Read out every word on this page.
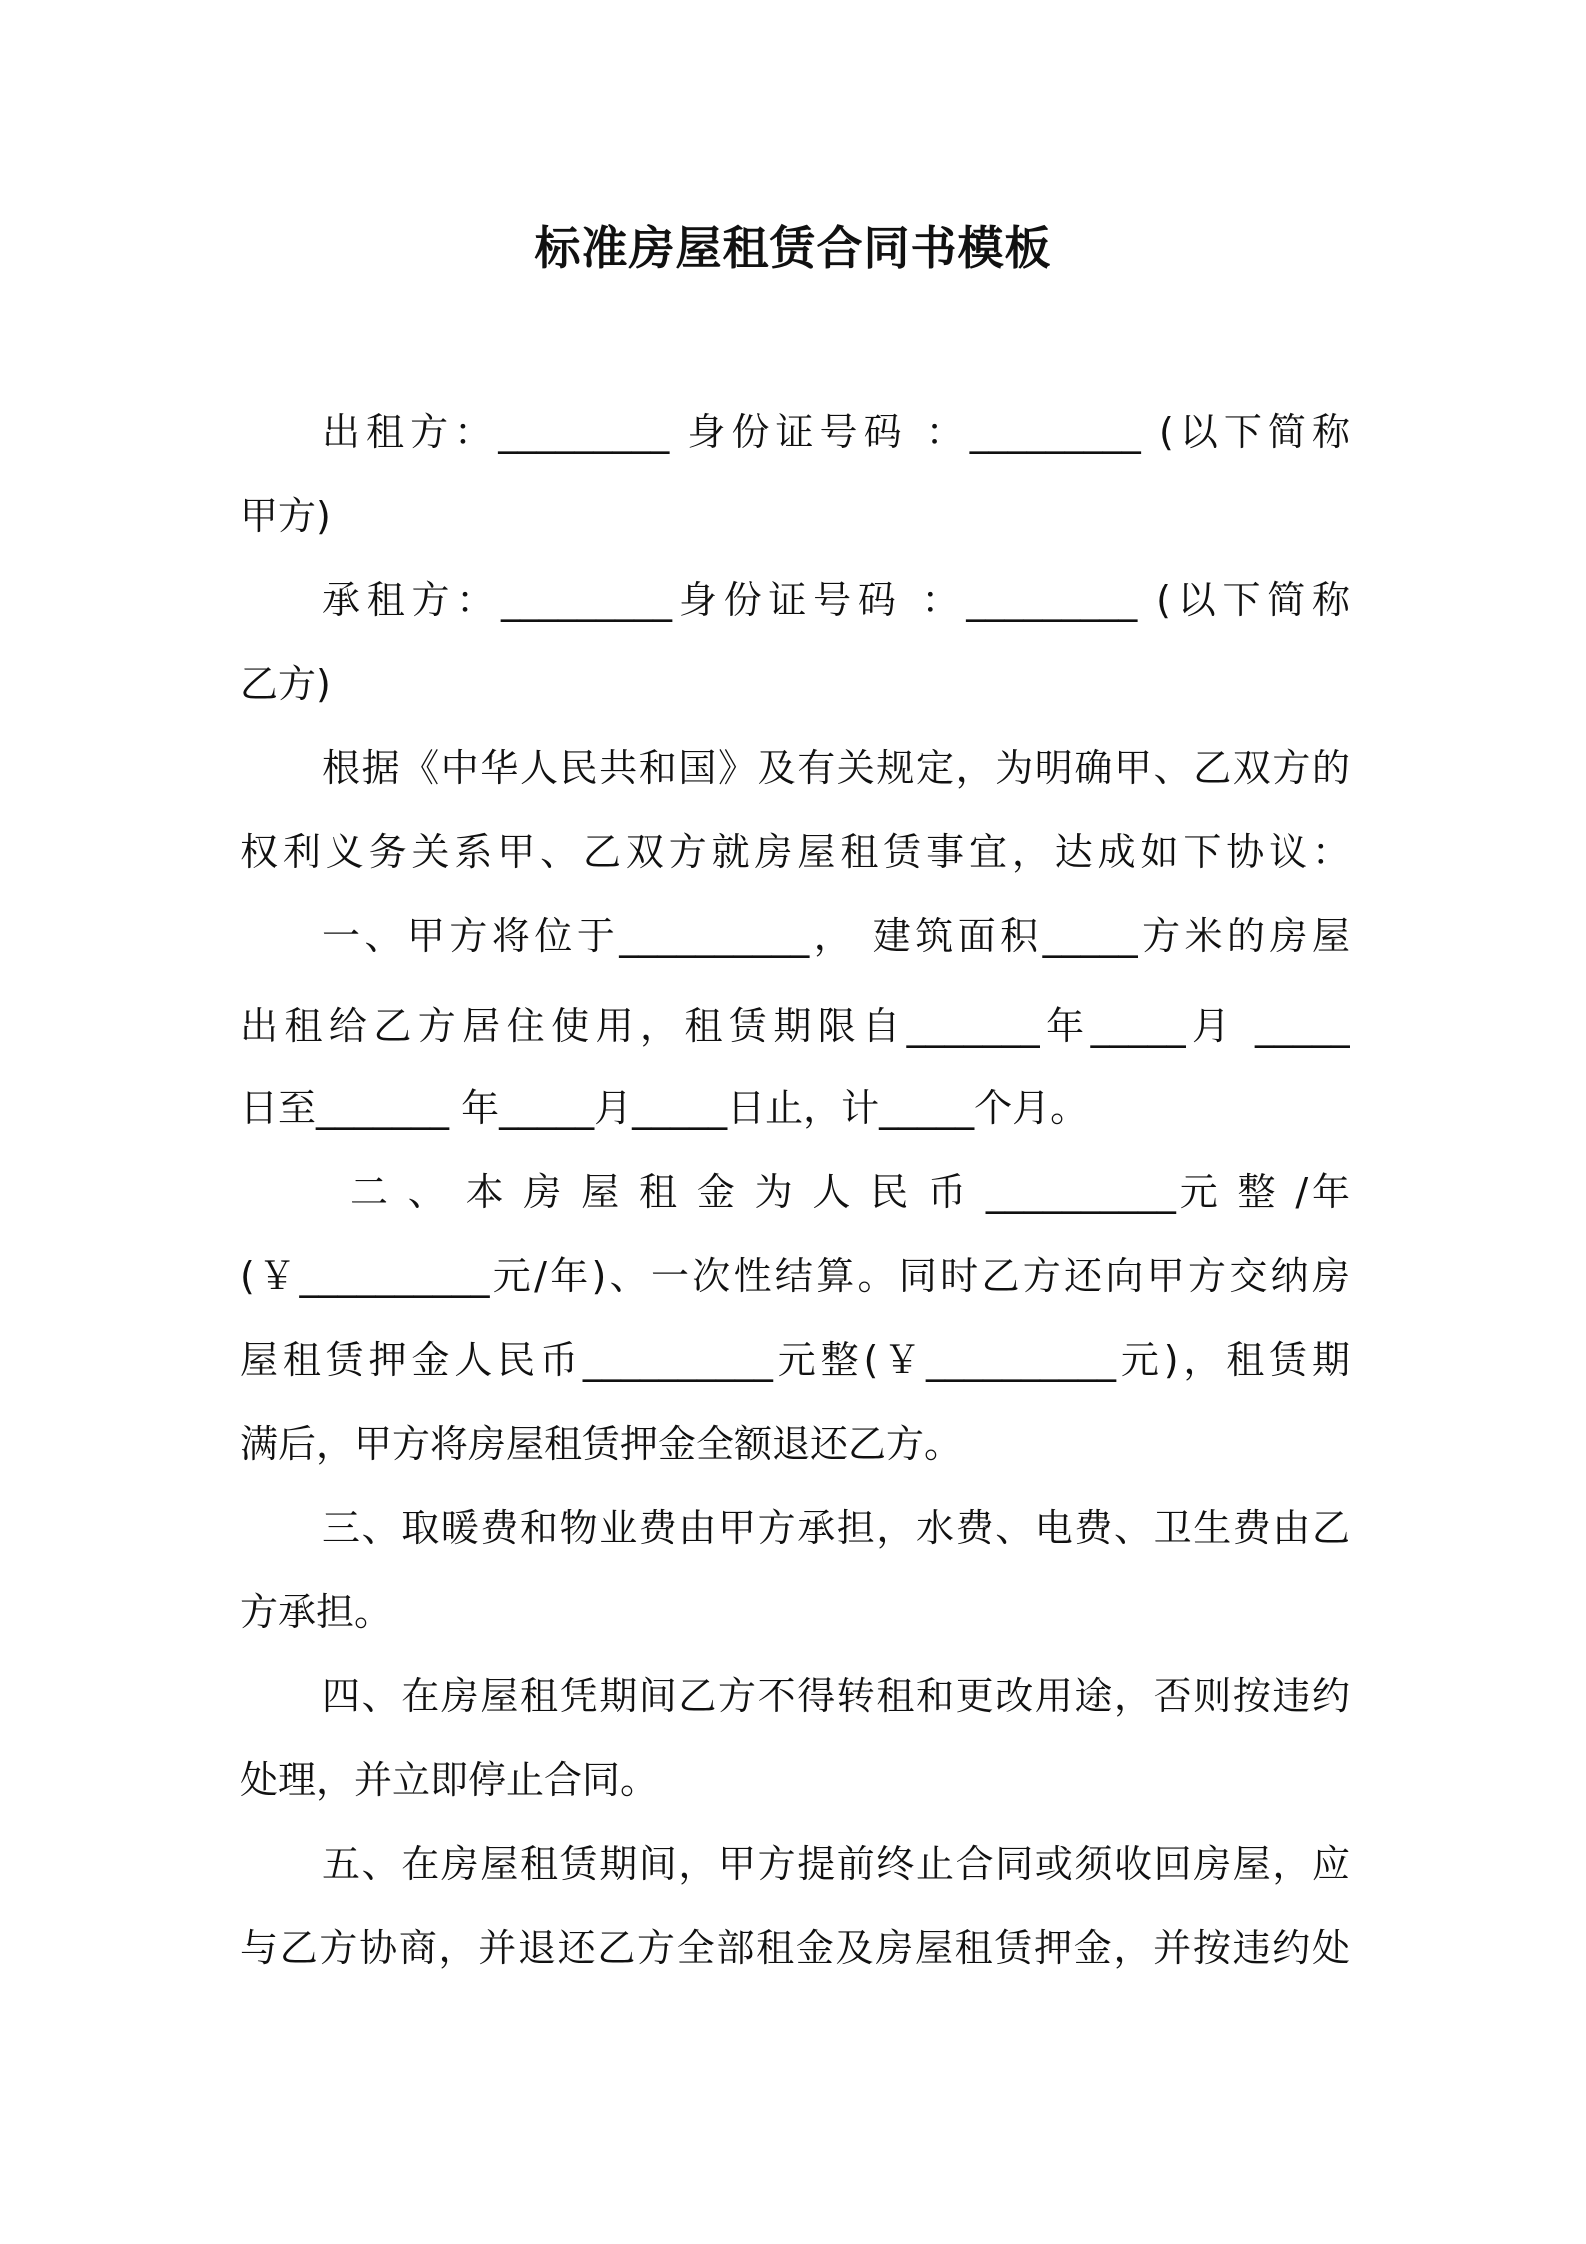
标准房屋租赁合同书模板
出租方：_________ 身份证号码 ：_________ (以下简称
甲方)
承租方：_________身份证号码 ：_________ (以下简称
乙方)
根据《中华人民共和国》及有关规定，为明确甲、乙双方的
权利义务关系甲、乙双方就房屋租赁事宜，达成如下协议：
一、甲方将位于__________， 建筑面积_____方米的房屋
出租给乙方居住使用，租赁期限自_______年_____月 _____
日至_______ 年_____月_____日止，计_____个月。
二 、 本 房 屋 租 金 为 人 民 币 __________元 整 /年
(￥__________元/年)、一次性结算。同时乙方还向甲方交纳房
屋租赁押金人民币__________元整(￥__________元)，租赁期
满后，甲方将房屋租赁押金全额退还乙方。
三、取暖费和物业费由甲方承担，水费、电费、卫生费由乙
方承担。
四、在房屋租凭期间乙方不得转租和更改用途，否则按违约
处理，并立即停止合同。
五、在房屋租赁期间，甲方提前终止合同或须收回房屋，应
与乙方协商，并退还乙方全部租金及房屋租赁押金，并按违约处
